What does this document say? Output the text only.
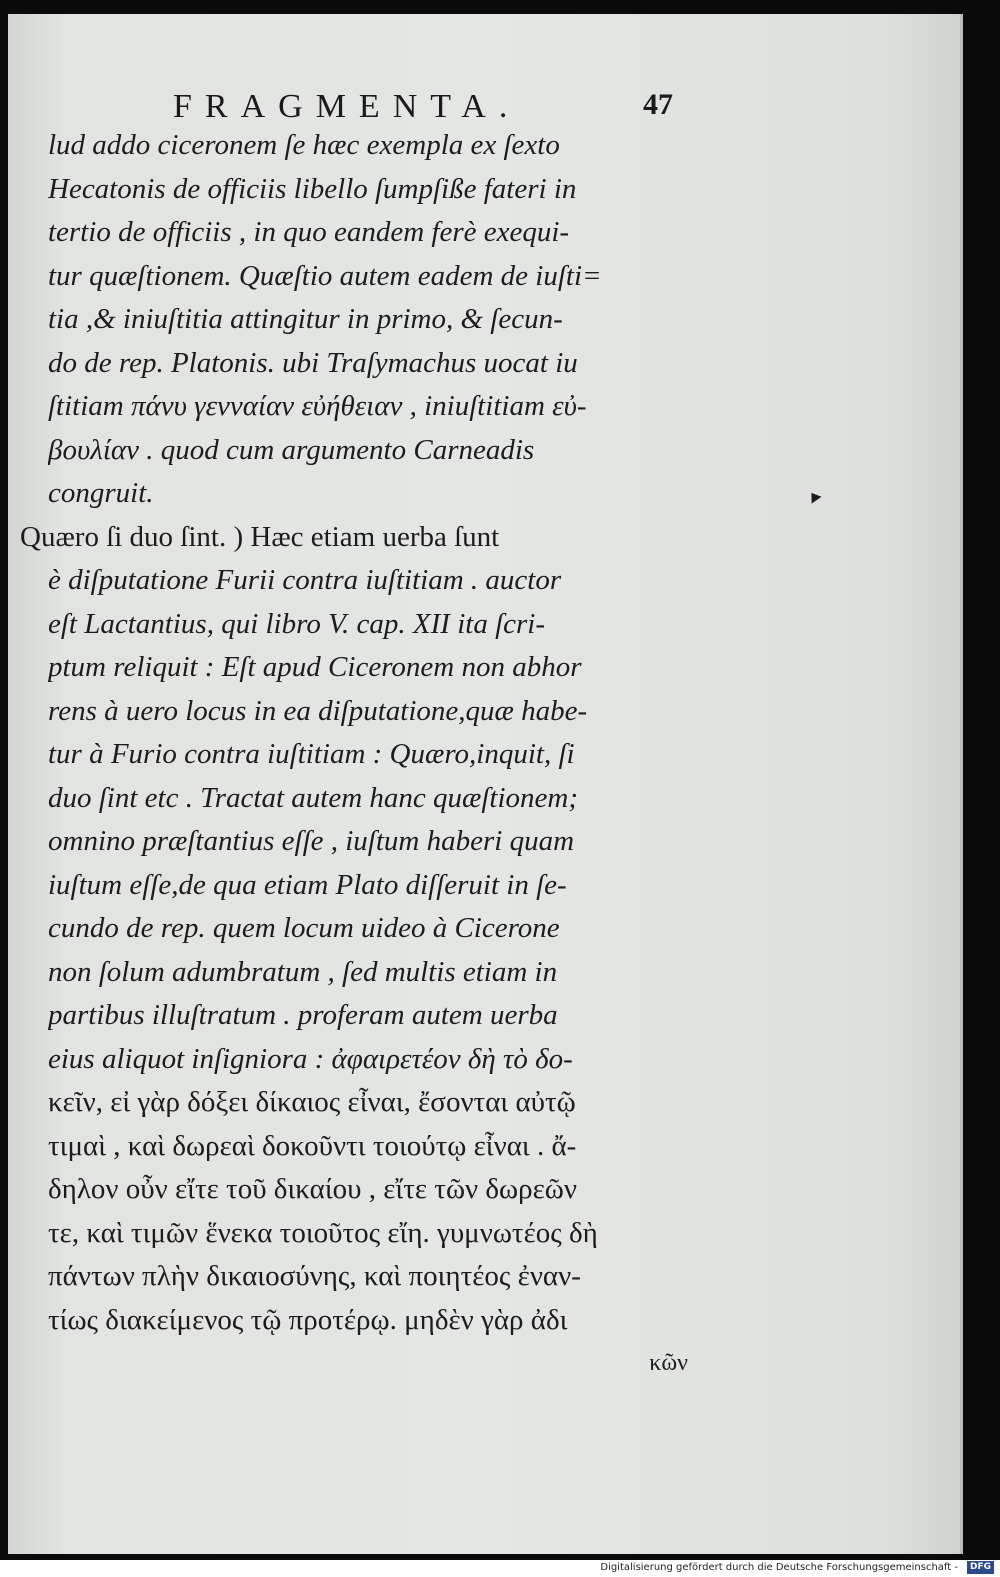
FRAGMENTA.	47
lud addo ciceronem ſe hæc exempla ex ſexto
Hecatonis de officiis libello ſumpſiße fateri in
tertio de officiis , in quo eandem ferè exequi-
tur quæſtionem. Quæſtio autem eadem de iuſti=
tia ,& iniuſtitia attingitur in primo, & ſecun-
do de rep. Platonis. ubi Traſymachus uocat iu
ſtitiam πάνυ γενναίαν εὐήθειαν , iniuſtitiam εὐ-
βουλίαν . quod cum argumento Carneadis
congruit.
Quæro ſi duo ſint. ) Hæc etiam uerba ſunt
è diſputatione Furii contra iuſtitiam . auctor
eſt Lactantius, qui libro V. cap. XII ita ſcri-
ptum reliquit : Eſt apud Ciceronem non abhor
rens à uero locus in ea diſputatione,quæ habe-
tur à Furio contra iuſtitiam : Quæro,inquit, ſi
duo ſint etc . Tractat autem hanc quæſtionem;
omnino præſtantius eſſe , iuſtum haberi quam
iuſtum eſſe,de qua etiam Plato diſſeruit in ſe-
cundo de rep. quem locum uideo à Cicerone
non ſolum adumbratum , ſed multis etiam in
partibus illuſtratum . proferam autem uerba
eius aliquot inſigniora : ἀφαιρετέον δὴ τὸ δο-
κεῖν, εἰ γὰρ δόξει δίκαιος εἶναι, ἔσονται αὐτῷ
τιμαὶ , καὶ δωρεαὶ δοκοῦντι τοιούτῳ εἶναι . ἄ-
δηλον οὖν εἴτε τοῦ δικαίου , εἴτε τῶν δωρεῶν
τε, καὶ τιμῶν ἕνεκα τοιοῦτος εἴη. γυμνωτέος δὴ
πάντων πλὴν δικαιοσύνης, καὶ ποιητέος ἐναν-
τίως διακείμενος τῷ προτέρῳ. μηδὲν γὰρ ἀδι
κῶν
Digitalisierung gefördert durch die Deutsche Forschungsgemeinschaft -	DFG
